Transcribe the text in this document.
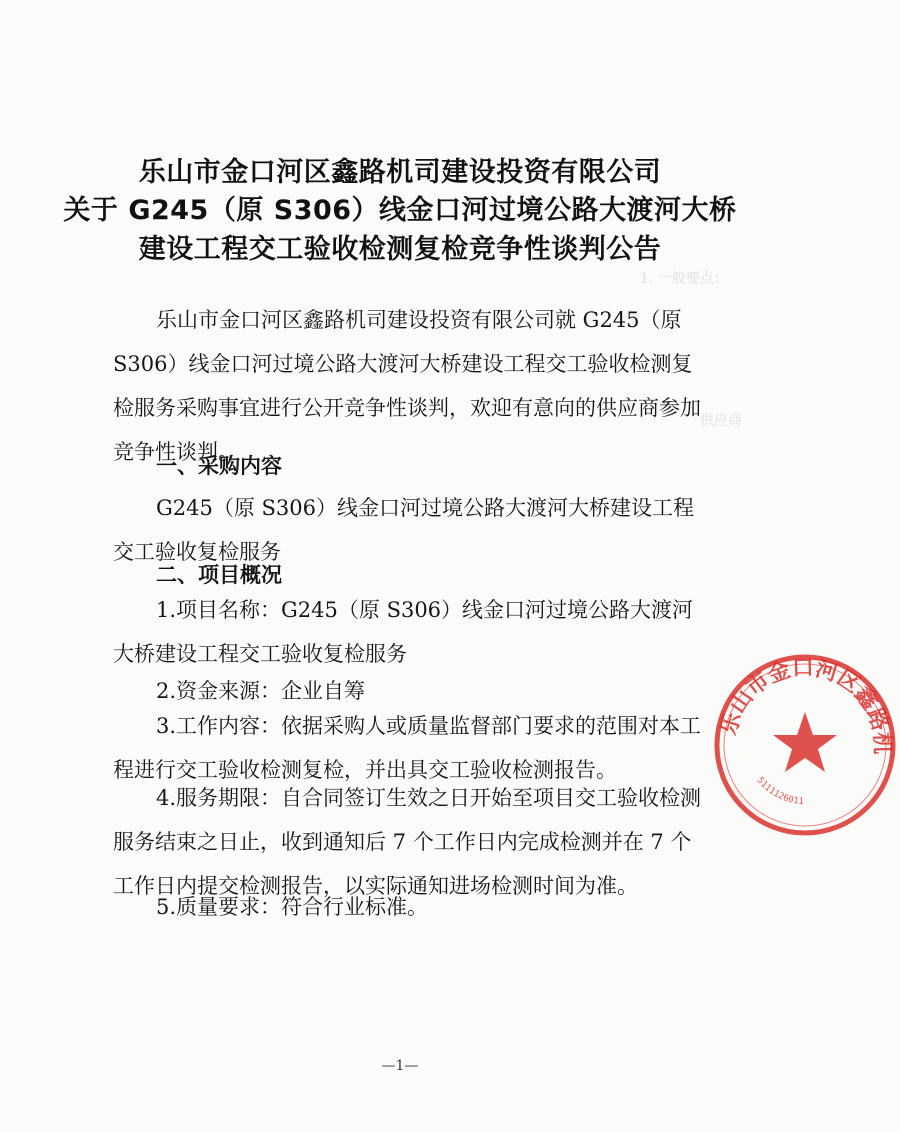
1. 一般要点：
供应商
乐山市金口河区鑫路机司建设投资有限公司
关于 G245（原 S306）线金口河过境公路大渡河大桥
建设工程交工验收检测复检竞争性谈判公告

乐山市金口河区鑫路机司建设投资有限公司就 G245（原 S306）线金口河过境公路大渡河大桥建设工程交工验收检测复检服务采购事宜进行公开竞争性谈判，欢迎有意向的供应商参加竞争性谈判。

一、采购内容

G245（原 S306）线金口河过境公路大渡河大桥建设工程交工验收复检服务

二、项目概况

1.项目名称：G245（原 S306）线金口河过境公路大渡河大桥建设工程交工验收复检服务

2.资金来源：企业自筹

3.工作内容：依据采购人或质量监督部门要求的范围对本工程进行交工验收检测复检，并出具交工验收检测报告。

4.服务期限：自合同签订生效之日开始至项目交工验收检测服务结束之日止，收到通知后 7 个工作日内完成检测并在 7 个工作日内提交检测报告，以实际通知进场检测时间为准。

5.质量要求：符合行业标准。

—1—
乐山市金口河区鑫路机
5111126011
